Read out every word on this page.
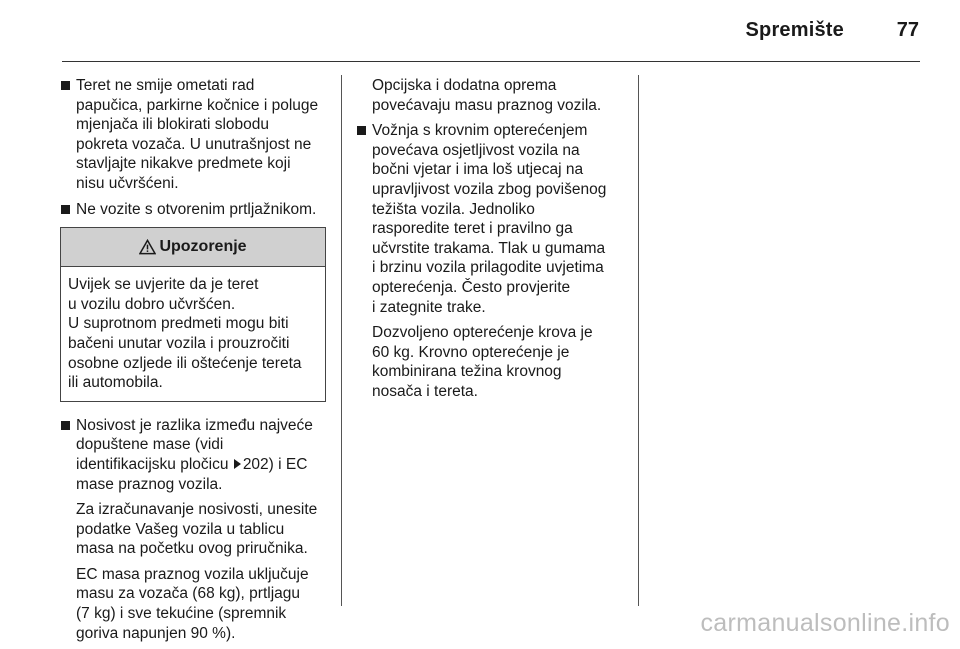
Spremište	77
Teret ne smije ometati rad
papučica, parkirne kočnice i poluge
mjenjača ili blokirati slobodu
pokreta vozača. U unutrašnjost ne
stavljajte nikakve predmete koji
nisu učvršćeni.
Ne vozite s otvorenim prtljažnikom.
Upozorenje
Uvijek se uvjerite da je teret
u vozilu dobro učvršćen.
U suprotnom predmeti mogu biti
bačeni unutar vozila i prouzročiti
osobne ozljede ili oštećenje tereta
ili automobila.
Nosivost je razlika između najveće
dopuštene mase (vidi
identifikacijsku pločicu 202) i EC
mase praznog vozila.
Za izračunavanje nosivosti, unesite
podatke Vašeg vozila u tablicu
masa na početku ovog priručnika.
EC masa praznog vozila uključuje
masu za vozača (68 kg), prtljagu
(7 kg) i sve tekućine (spremnik
goriva napunjen 90 %).
Opcijska i dodatna oprema
povećavaju masu praznog vozila.
Vožnja s krovnim opterećenjem
povećava osjetljivost vozila na
bočni vjetar i ima loš utjecaj na
upravljivost vozila zbog povišenog
težišta vozila. Jednoliko
rasporedite teret i pravilno ga
učvrstite trakama. Tlak u gumama
i brzinu vozila prilagodite uvjetima
opterećenja. Često provjerite
i zategnite trake.
Dozvoljeno opterećenje krova je
60 kg. Krovno opterećenje je
kombinirana težina krovnog
nosača i tereta.
carmanualsonline.info
